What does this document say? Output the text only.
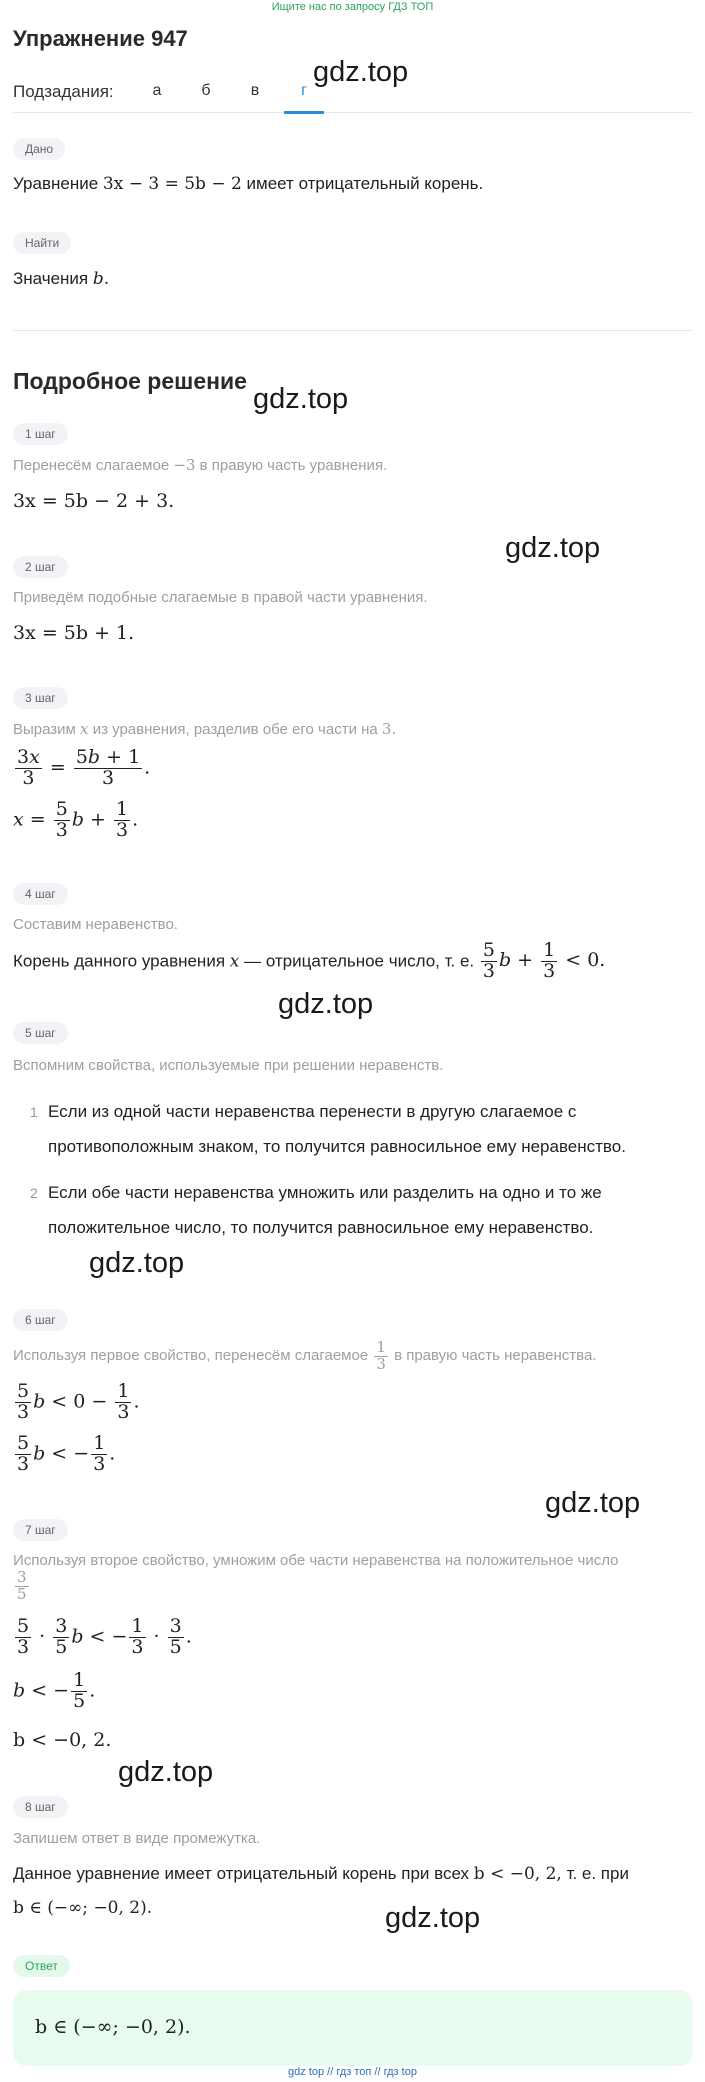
Ищите нас по запросу ГДЗ ТОП
Упражнение 947
Подзадания:	а	б	в	г
Дано
Уравнение 3x − 3 = 5b − 2 имеет отрицательный корень.
Найти
Значения b.
Подробное решение
1 шаг
Перенесём слагаемое −3 в правую часть уравнения.
3x = 5b − 2 + 3.
2 шаг
Приведём подобные слагаемые в правой части уравнения.
3x = 5b + 1.
3 шаг
Выразим x из уравнения, разделив обе его части на 3.
$\frac{3x}{3} = \frac{5b + 1}{3}$ .
$x = \frac{5}{3}$ $b + \frac{1}{3}$ .
4 шаг
Составим неравенство.
Корень данного уравнения x — отрицательное число, т. е. $\frac{5}{3}$ $b + \frac{1}{3} < 0$.
5 шаг
Вспомним свойства, используемые при решении неравенств.
1 Если из одной части неравенства перенести в другую слагаемое с противоположным знаком, то получится равносильное ему неравенство.
2 Если обе части неравенства умножить или разделить на одно и то же положительное число, то получится равносильное ему неравенство.
6 шаг
Используя первое свойство, перенесём слагаемое $\frac{1}{3}$ в правую часть неравенства.
$\frac{5}{3}$ $b < 0 - \frac{1}{3}$ .
$\frac{5}{3}$ b < − $\frac{1}{3}$ .
7 шаг
Используя второе свойство, умножим обе части неравенства на положительное число
$\frac{3}{5}$
$\frac{5}{3} \cdot \frac{3}{5}$ b < − $\frac{1}{3} \cdot \frac{3}{5}$ .
b < − $\frac{1}{5}$ .
b < −0, 2.
8 шаг
Запишем ответ в виде промежутка.
Данное уравнение имеет отрицательный корень при всех b < −0, 2, т. е. при
b ∈ (−∞; −0, 2).
Ответ
b ∈ (−∞; −0, 2).
gdz.top
gdz.top
gdz.top
gdz.top
gdz.top
gdz.top
gdz.top
gdz.top
gdz top // гдз топ // гдз top
